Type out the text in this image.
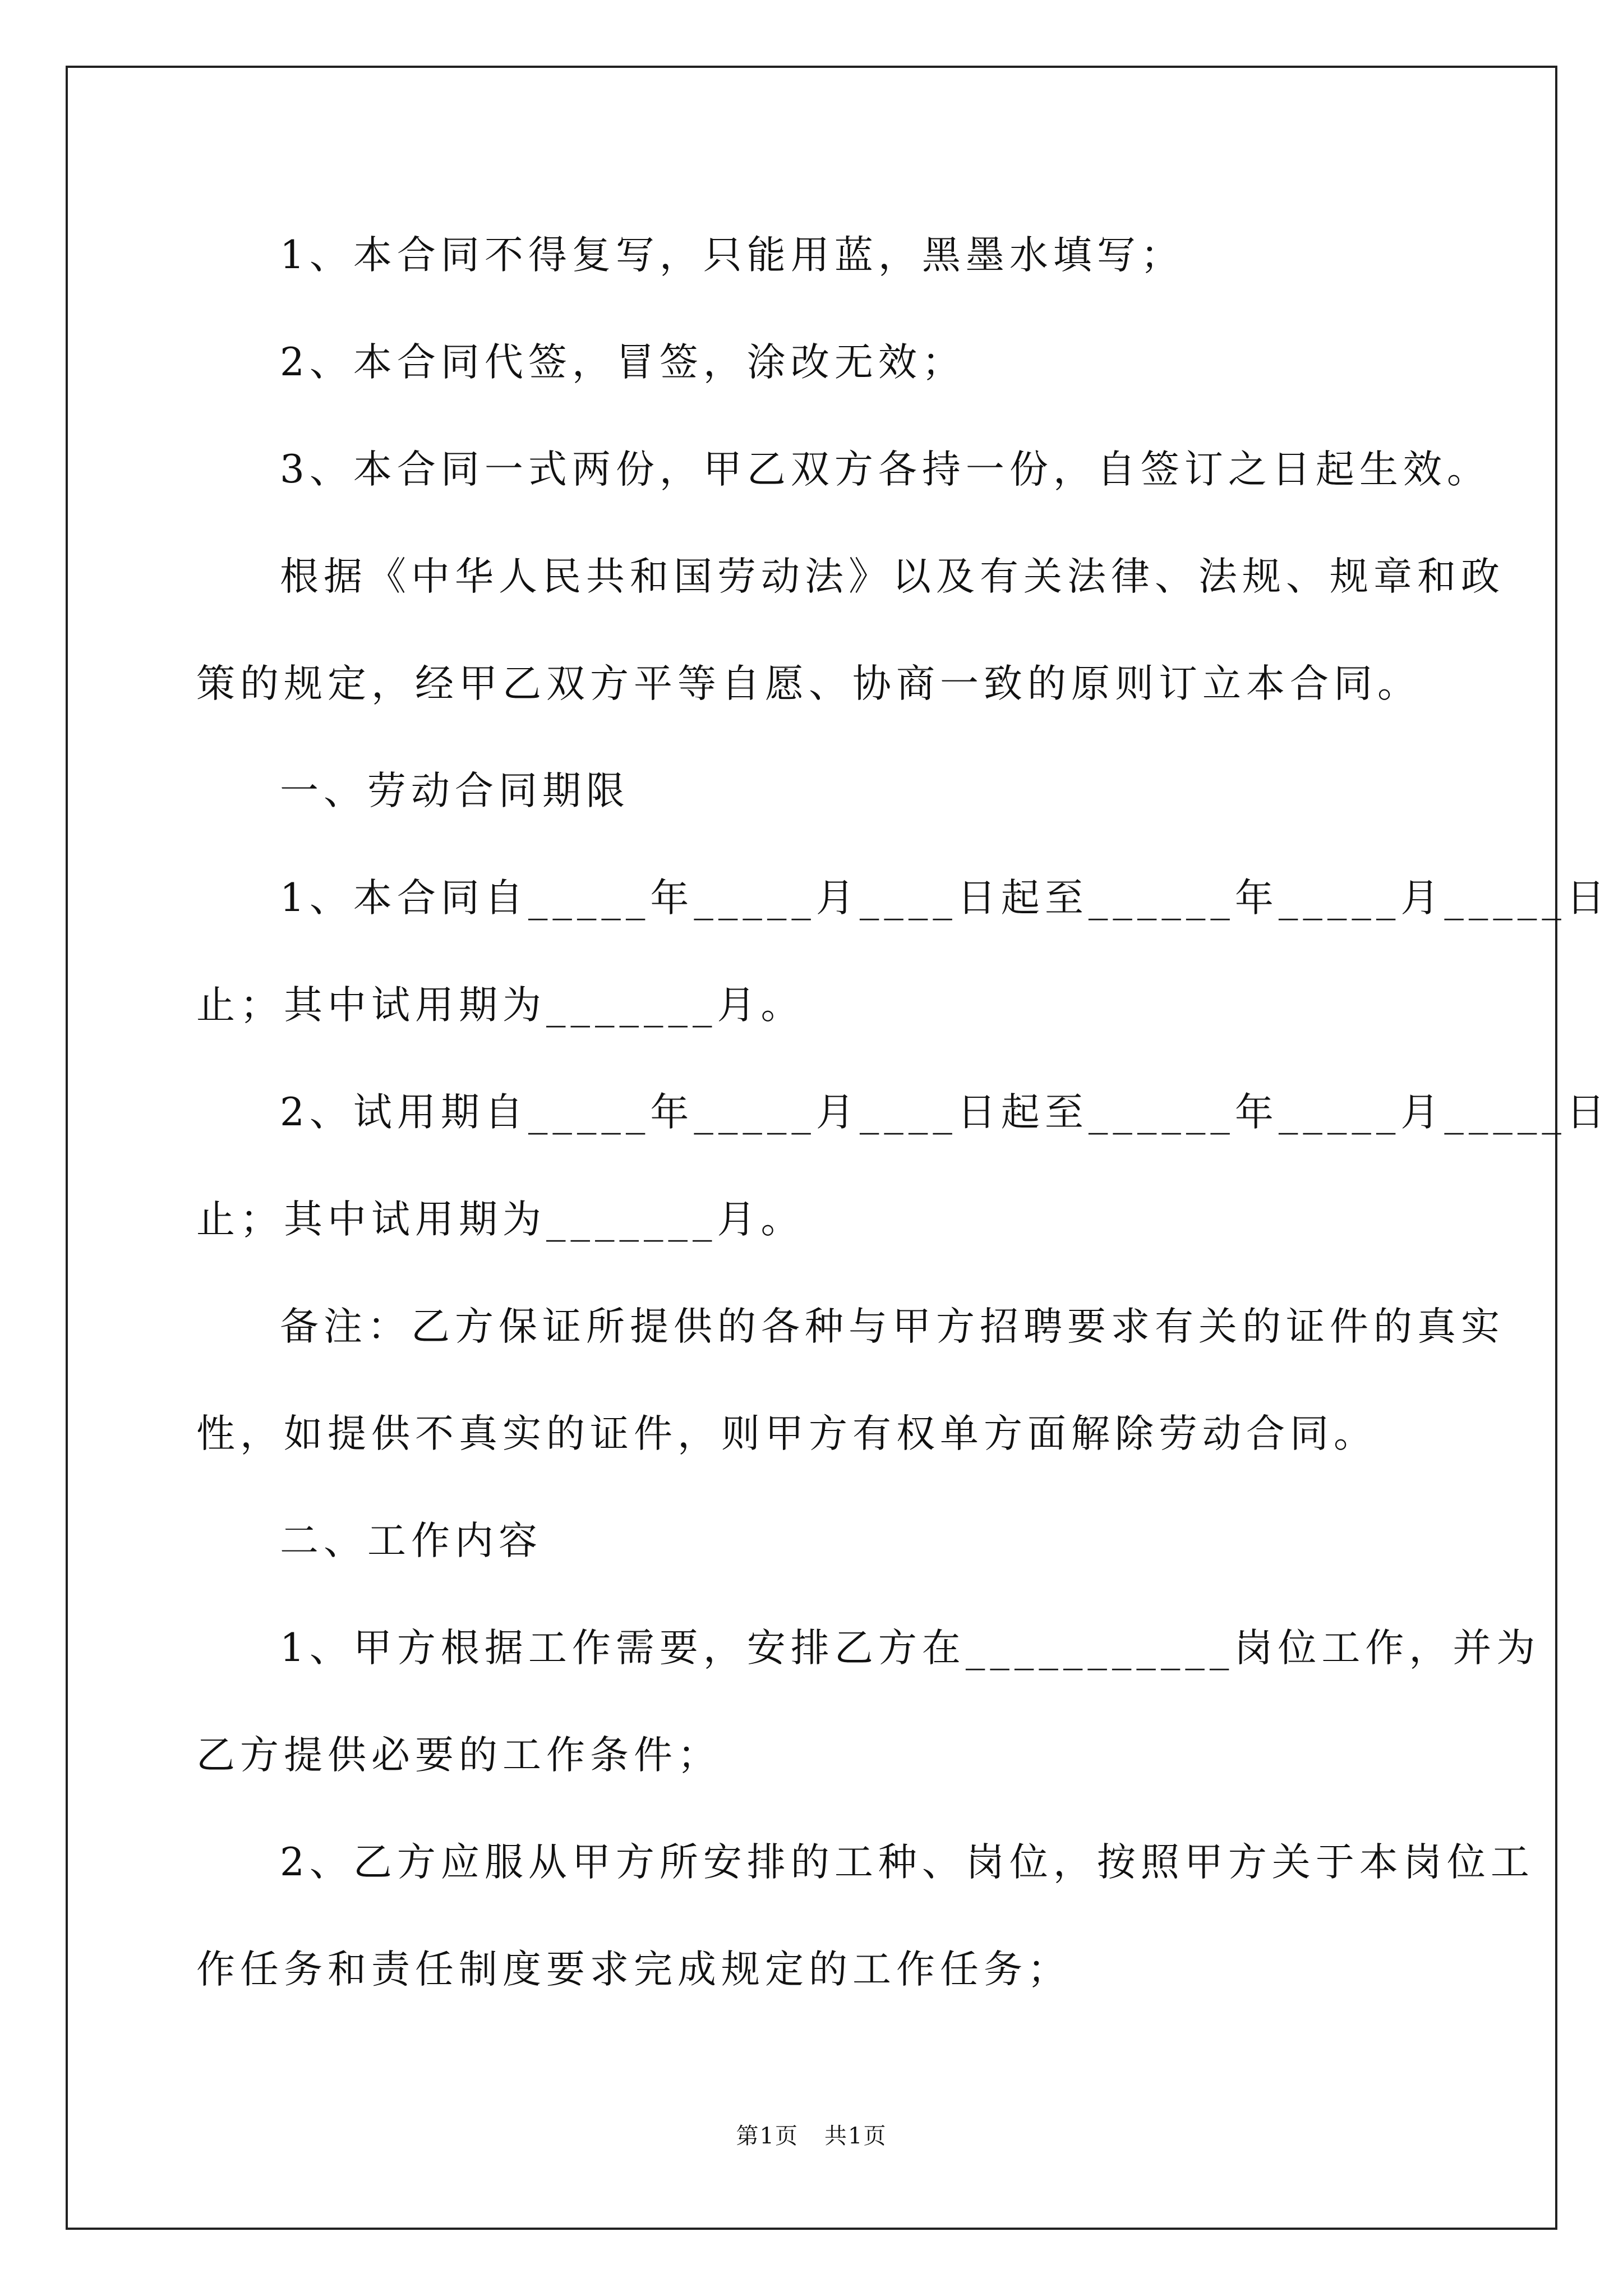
1、本合同不得复写，只能用蓝，黑墨水填写；
2、本合同代签，冒签，涂改无效；
3、本合同一式两份，甲乙双方各持一份，自签订之日起生效。
根据《中华人民共和国劳动法》以及有关法律、法规、规章和政
策的规定，经甲乙双方平等自愿、协商一致的原则订立本合同。
一、劳动合同期限
1、本合同自_____年_____月____日起至______年_____月_____日
止；其中试用期为_______月。
2、试用期自_____年_____月____日起至______年_____月_____日
止；其中试用期为_______月。
备注：乙方保证所提供的各种与甲方招聘要求有关的证件的真实
性，如提供不真实的证件，则甲方有权单方面解除劳动合同。
二、工作内容
1、甲方根据工作需要，安排乙方在___________岗位工作，并为
乙方提供必要的工作条件；
2、乙方应服从甲方所安排的工种、岗位，按照甲方关于本岗位工
作任务和责任制度要求完成规定的工作任务；
第1页 共1页
